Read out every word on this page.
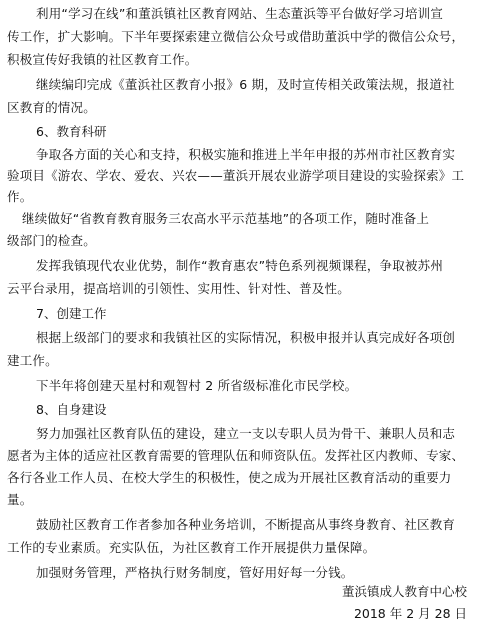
利用“学习在线”和董浜镇社区教育网站、生态董浜等平台做好学习培训宣
传工作，扩大影响。下半年要探索建立微信公众号或借助董浜中学的微信公众号，
积极宣传好我镇的社区教育工作。
继续编印完成《董浜社区教育小报》6 期，及时宣传相关政策法规，报道社
区教育的情况。
6、教育科研
争取各方面的关心和支持，积极实施和推进上半年申报的苏州市社区教育实
验项目《游农、学农、爱农、兴农——董浜开展农业游学项目建设的实验探索》工
作。
继续做好“省教育教育服务三农高水平示范基地”的各项工作，随时准备上
级部门的检查。
发挥我镇现代农业优势，制作“教育惠农”特色系列视频课程，争取被苏州
云平台录用，提高培训的引领性、实用性、针对性、普及性。
7、创建工作
根据上级部门的要求和我镇社区的实际情况，积极申报并认真完成好各项创
建工作。
下半年将创建天星村和观智村 2 所省级标准化市民学校。
8、自身建设
努力加强社区教育队伍的建设，建立一支以专职人员为骨干、兼职人员和志
愿者为主体的适应社区教育需要的管理队伍和师资队伍。发挥社区内教师、专家、
各行各业工作人员、在校大学生的积极性，使之成为开展社区教育活动的重要力
量。
鼓励社区教育工作者参加各种业务培训，不断提高从事终身教育、社区教育
工作的专业素质。充实队伍，为社区教育工作开展提供力量保障。
加强财务管理，严格执行财务制度，管好用好每一分钱。
董浜镇成人教育中心校
2018 年 2 月 28 日
